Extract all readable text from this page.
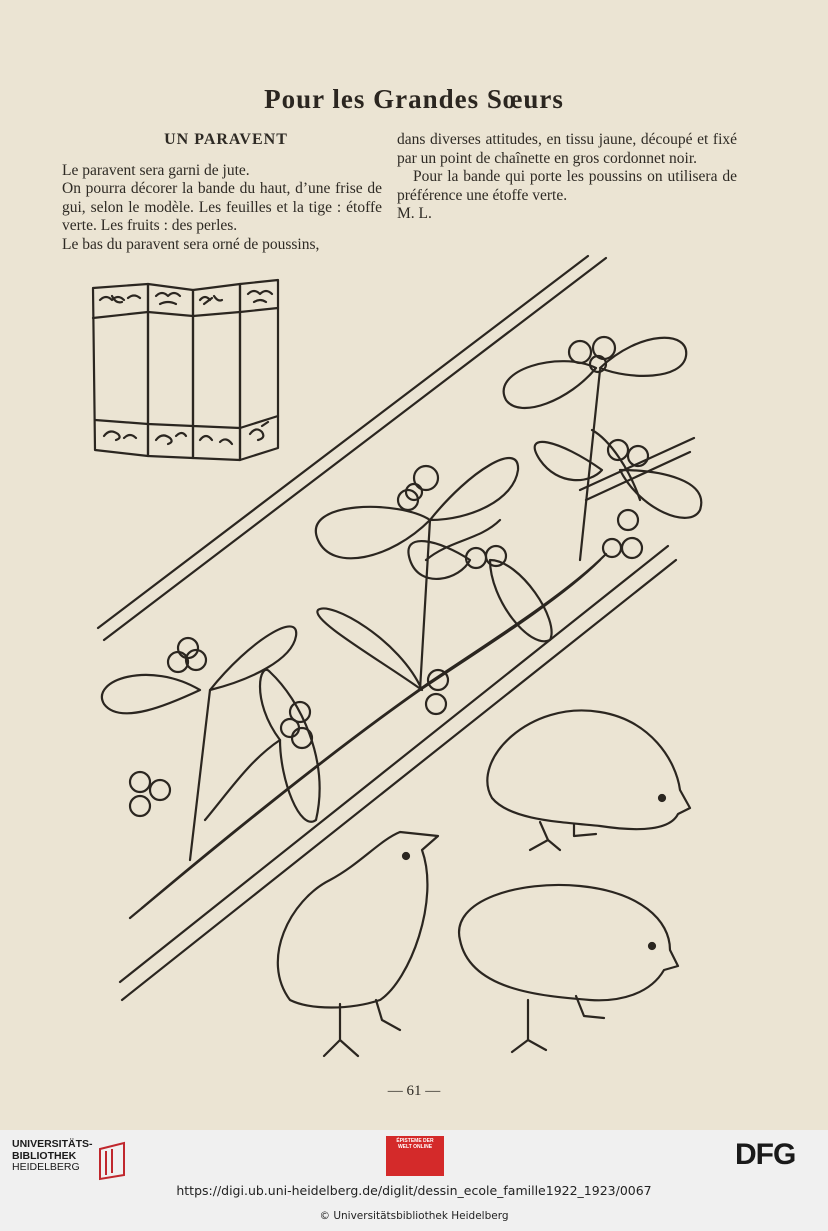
Pour les Grandes Sœurs
UN PARAVENT

Le paravent sera garni de jute.

On pourra décorer la bande du haut, d’une frise de gui, selon le modèle. Les feuilles et la tige : étoffe verte. Les fruits : des perles.

Le bas du paravent sera orné de poussins,

dans diverses attitudes, en tissu jaune, découpé et fixé par un point de chaînette en gros cordonnet noir.

Pour la bande qui porte les poussins on utilisera de préférence une étoffe verte.

M. L.

— 61 —
UNIVERSITÄTS-
BIBLIOTHEK
HEIDELBERG
ÉPISTEME DER WELT ONLINE	DFG
https://digi.ub.uni-heidelberg.de/diglit/dessin_ecole_famille1922_1923/0067
© Universitätsbibliothek Heidelberg
